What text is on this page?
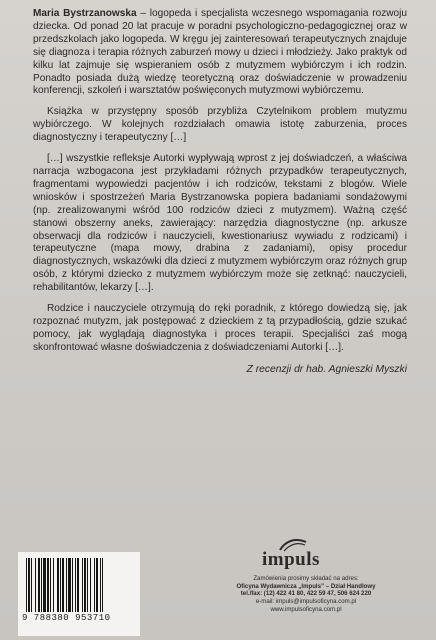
Maria Bystrzanowska – logopeda i specjalista wczesnego wspomagania rozwoju dziecka. Od ponad 20 lat pracuje w poradni psychologiczno-pedagogicznej oraz w przedszkolach jako logopeda. W kręgu jej zainteresowań terapeutycznych znajduje się diagnoza i terapia różnych zaburzeń mowy u dzieci i młodzieży. Jako praktyk od kilku lat zajmuje się wspieraniem osób z mutyzmem wybiórczym i ich rodzin. Ponadto posiada dużą wiedzę teoretyczną oraz doświadczenie w prowadzeniu konferencji, szkoleń i warsztatów poświęconych mutyzmowi wybiórczemu.

Książka w przystępny sposób przybliża Czytelnikom problem mutyzmu wybiórczego. W kolejnych rozdziałach omawia istotę zaburzenia, proces diagnostyczny i terapeutyczny […]

[…] wszystkie refleksje Autorki wypływają wprost z jej doświadczeń, a właściwa narracja wzbogacona jest przykładami różnych przypadków terapeutycznych, fragmentami wypowiedzi pacjentów i ich rodziców, tekstami z blogów. Wiele wniosków i spostrzeżeń Maria Bystrzanowska popiera badaniami sondażowymi (np. zrealizowanymi wśród 100 rodziców dzieci z mutyzmem). Ważną część stanowi obszerny aneks, zawierający: narzędzia diagnostyczne (np. arkusze obserwacji dla rodziców i nauczycieli, kwestionariusz wywiadu z rodzicami) i terapeutyczne (mapa mowy, drabina z zadaniami), opisy procedur diagnostycznych, wskazówki dla dzieci z mutyzmem wybiórczym oraz różnych grup osób, z którymi dziecko z mutyzmem wybiórczym może się zetknąć: nauczycieli, rehabilitantów, lekarzy […].

Rodzice i nauczyciele otrzymują do ręki poradnik, z którego dowiedzą się, jak rozpoznać mutyzm, jak postępować z dzieckiem z tą przypadłością, gdzie szukać pomocy, jak wyglądają diagnostyka i proces terapii. Specjaliści zaś mogą skonfrontować własne doświadczenia z doświadczeniami Autorki […].

Z recenzji dr hab. Agnieszki Myszki
impuls
Zamówienia prosimy składać na adres:
Oficyna Wydawnicza „Impuls” – Dział Handlowy
tel./fax: (12) 422 41 80, 422 59 47, 506 624 220
e-mail: impuls@impulsoficyna.com.pl
www.impulsoficyna.com.pl
9 788380 953710
